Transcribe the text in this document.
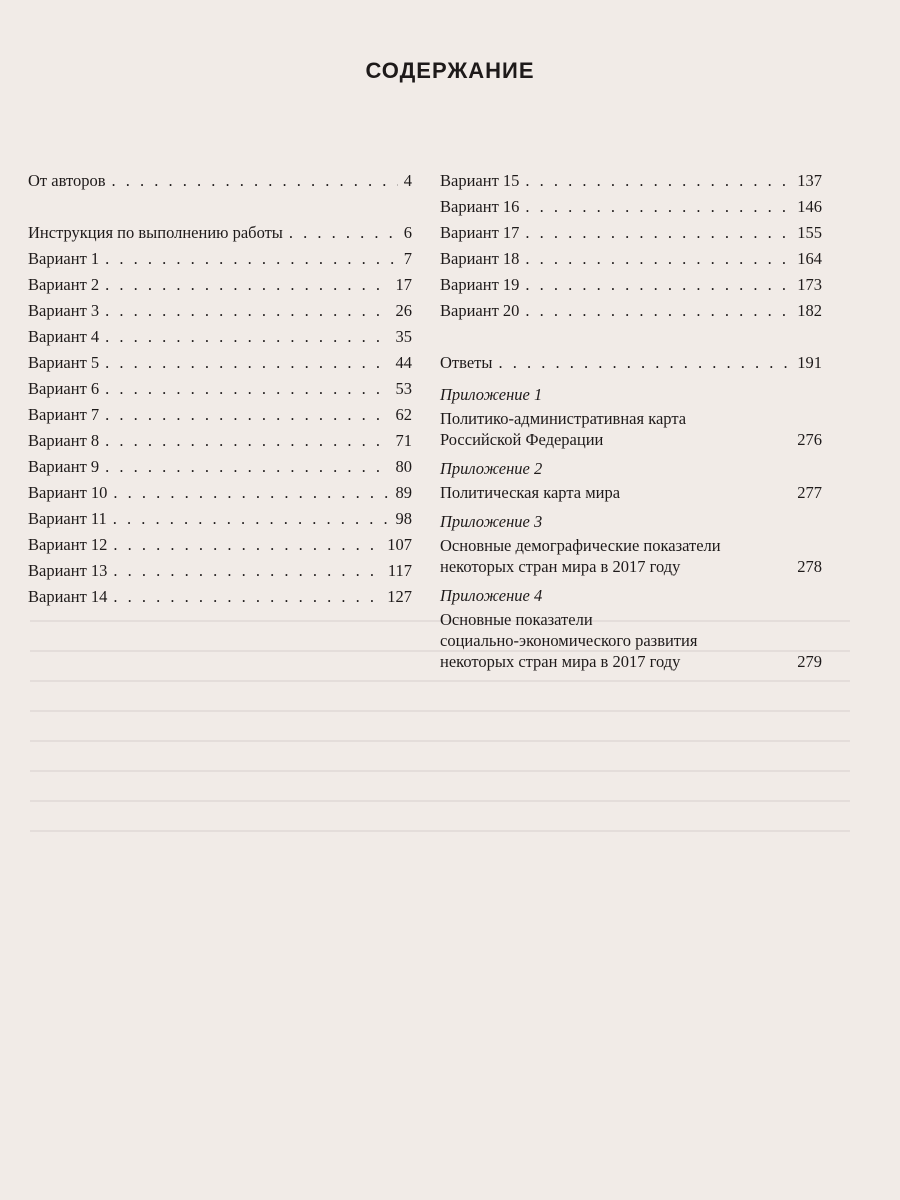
СОДЕРЖАНИЕ
От авторов . . .	4
Инструкция по выполнению работы . . .	6
Вариант 1 . . .	7
Вариант 2 . . .	17
Вариант 3 . . .	26
Вариант 4 . . .	35
Вариант 5 . . .	44
Вариант 6 . . .	53
Вариант 7 . . .	62
Вариант 8 . . .	71
Вариант 9 . . .	80
Вариант 10 . . .	89
Вариант 11 . . .	98
Вариант 12 . . .	107
Вариант 13 . . .	117
Вариант 14 . . .	127
Вариант 15 . . .	137
Вариант 16 . . .	146
Вариант 17 . . .	155
Вариант 18 . . .	164
Вариант 19 . . .	173
Вариант 20 . . .	182
Ответы . . .	191
Приложение 1
Политико-административная карта
Российской Федерации	276
Приложение 2
Политическая карта мира	277
Приложение 3
Основные демографические показатели
некоторых стран мира в 2017 году	278
Приложение 4
Основные показатели
социально-экономического развития
некоторых стран мира в 2017 году	279
